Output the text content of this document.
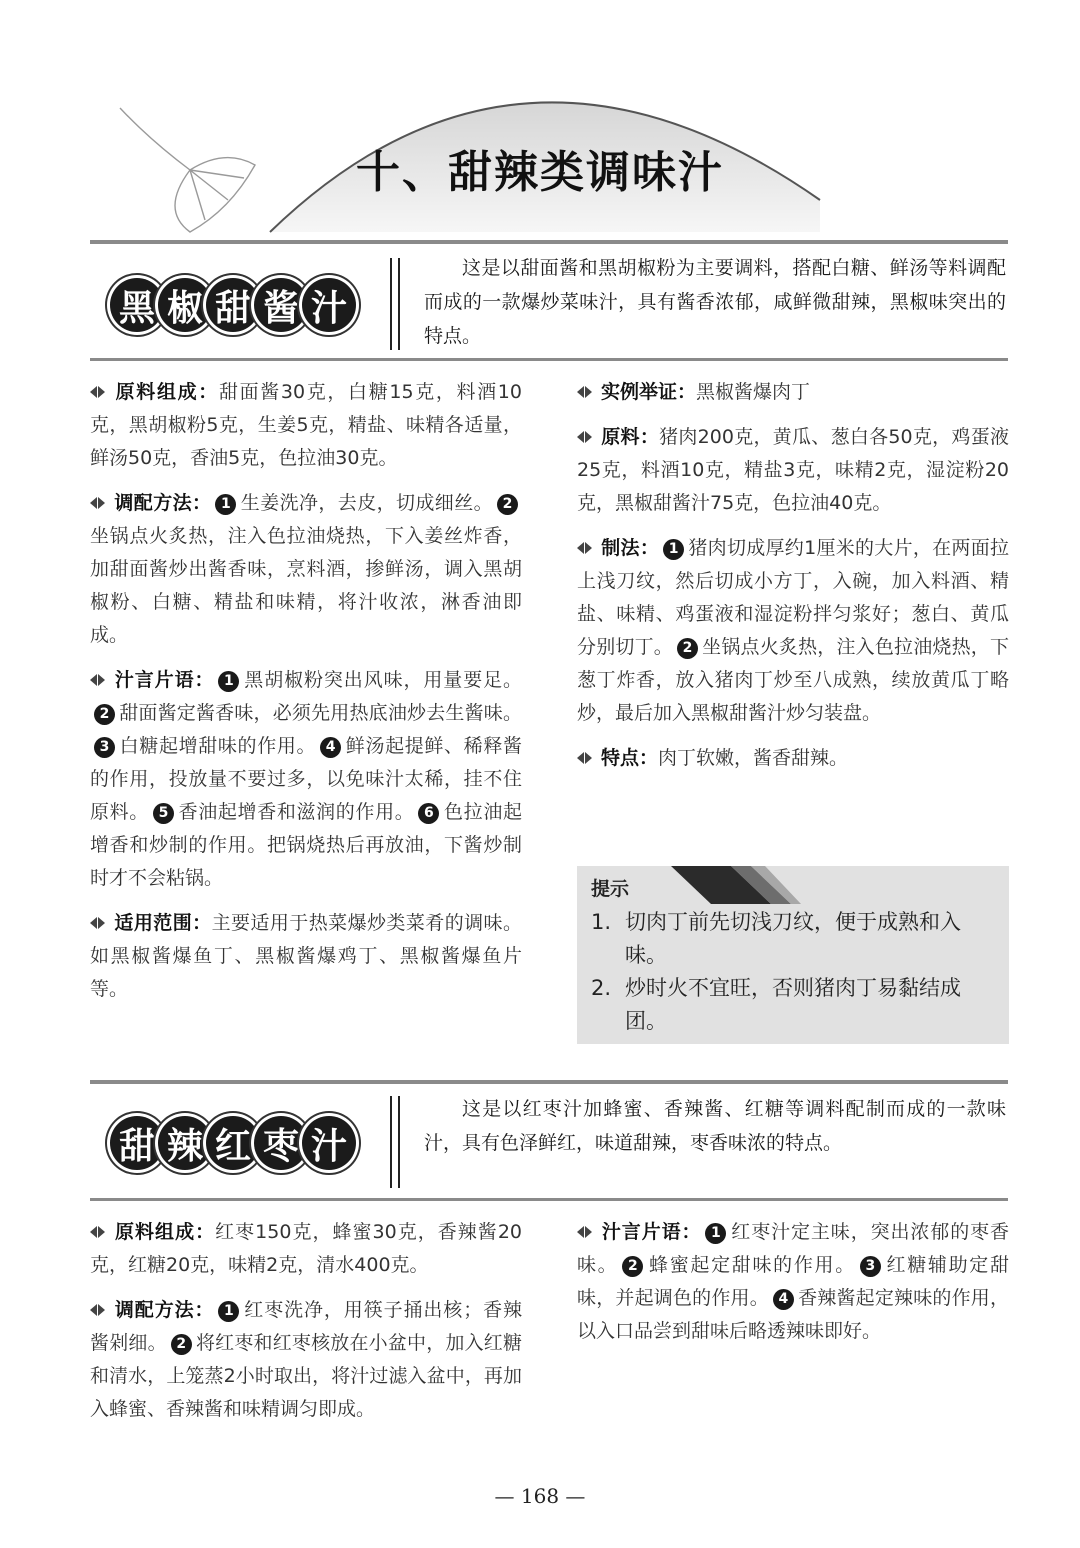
十、甜辣类调味汁
黑 椒 甜 酱 汁
这是以甜面酱和黑胡椒粉为主要调料，搭配白糖、鲜汤等料调配而成的一款爆炒菜味汁，具有酱香浓郁，咸鲜微甜辣，黑椒味突出的特点。

原料组成：甜面酱30克，白糖15克，料酒10克，黑胡椒粉5克，生姜5克，精盐、味精各适量，鲜汤50克，香油5克，色拉油30克。

调配方法： 1 生姜洗净，去皮，切成细丝。 2坐锅点火炙热，注入色拉油烧热，下入姜丝炸香，加甜面酱炒出酱香味，烹料酒，掺鲜汤，调入黑胡椒粉、白糖、精盐和味精，将汁收浓，淋香油即成。

汁言片语： 1 黑胡椒粉突出风味，用量要足。2 甜面酱定酱香味，必须先用热底油炒去生酱味。3 白糖起增甜味的作用。 4 鲜汤起提鲜、稀释酱的作用，投放量不要过多，以免味汁太稀，挂不住原料。 5 香油起增香和滋润的作用。 6 色拉油起增香和炒制的作用。把锅烧热后再放油，下酱炒制时才不会粘锅。

适用范围：主要适用于热菜爆炒类菜肴的调味。如黑椒酱爆鱼丁、黑椒酱爆鸡丁、黑椒酱爆鱼片等。

实例举证：黑椒酱爆肉丁

原料：猪肉200克，黄瓜、葱白各50克，鸡蛋液25克，料酒10克，精盐3克，味精2克，湿淀粉20克，黑椒甜酱汁75克，色拉油40克。

制法： 1 猪肉切成厚约1厘米的大片，在两面拉上浅刀纹，然后切成小方丁，入碗，加入料酒、精盐、味精、鸡蛋液和湿淀粉拌匀浆好；葱白、黄瓜分别切丁。 2 坐锅点火炙热，注入色拉油烧热，下葱丁炸香，放入猪肉丁炒至八成熟，续放黄瓜丁略炒，最后加入黑椒甜酱汁炒匀装盘。

特点：肉丁软嫩，酱香甜辣。

提示
1. 切肉丁前先切浅刀纹，便于成熟和入味。
2. 炒时火不宜旺，否则猪肉丁易黏结成团。
甜 辣 红 枣 汁
这是以红枣汁加蜂蜜、香辣酱、红糖等调料配制而成的一款味汁，具有色泽鲜红，味道甜辣，枣香味浓的特点。

原料组成：红枣150克，蜂蜜30克，香辣酱20克，红糖20克，味精2克，清水400克。

调配方法： 1 红枣洗净，用筷子捅出核；香辣酱剁细。 2 将红枣和红枣核放在小盆中，加入红糖和清水，上笼蒸2小时取出，将汁过滤入盆中，再加入蜂蜜、香辣酱和味精调匀即成。

汁言片语： 1 红枣汁定主味，突出浓郁的枣香味。 2 蜂蜜起定甜味的作用。 3 红糖辅助定甜味，并起调色的作用。 4 香辣酱起定辣味的作用，以入口品尝到甜味后略透辣味即好。

— 168 —
